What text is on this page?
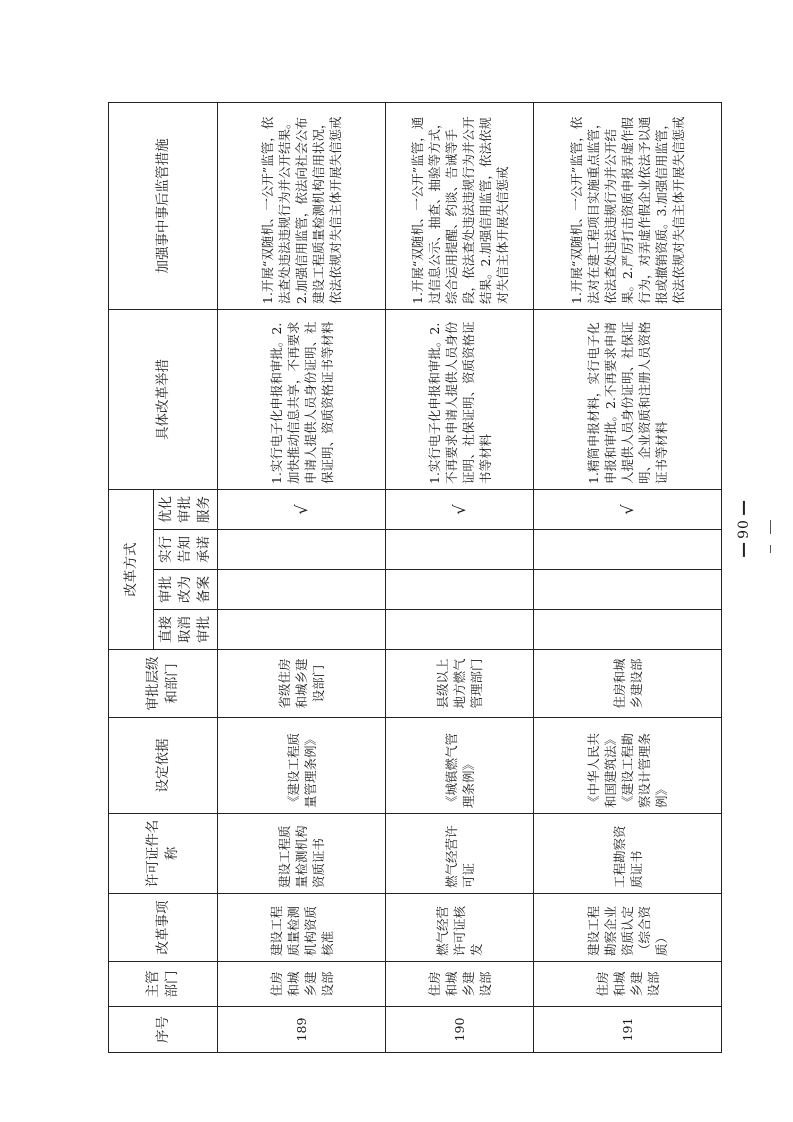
序号	主管部门	改革事项	许可证件名称	设定依据	审批层级和部门	改革方式				具体改革举措	加强事中事后监管措施
						直接取消审批	审批改为备案	实行告知承诺	优化审批服务		
189	住房和城乡建设部	建设工程质量检测机构资质核准	建设工程质量检测机构资质证书	《建设工程质量管理条例》	省级住房和城乡建设部门				√	1.实行电子化申报和审批。2.加快推动信息共享，不再要求申请人提供人员身份证明、社保证明、资质资格证书等材料	1.开展“双随机、一公开”监管，依法查处违法违规行为并公开结果。2.加强信用监管，依法向社会公布建设工程质量检测机构信用状况，依法依规对失信主体开展失信惩戒
190	住房和城乡建设部	燃气经营许可证核发	燃气经营许可证	《城镇燃气管理条例》	县级以上地方燃气管理部门				√	1.实行电子化申报和审批。2.不再要求申请人提供人员身份证明、社保证明、资质资格证书等材料	1.开展“双随机、一公开”监管，通过信息公示、抽查、抽验等方式，综合运用提醒、约谈、告诫等手段，依法查处违法违规行为并公开结果。2.加强信用监管，依法依规对失信主体开展失信惩戒
191	住房和城乡建设部	建设工程勘察企业资质认定（综合资质）	工程勘察资质证书	《中华人民共和国建筑法》《建设工程勘察设计管理条例》	住房和城乡建设部				√	1.精简申报材料，实行电子化申报和审批。2.不再要求申请人提供人员身份证明、社保证明、企业资质和注册人员资格证书等材料	1.开展“双随机、一公开”监管，依法对在建工程项目实施重点监管，依法查处违法违规行为并公开结果。2.严厉打击资质申报弄虚作假行为，对弄虚作假企业依法予以通报或撤销资质。3.加强信用监管，依法依规对失信主体开展失信惩戒
90
